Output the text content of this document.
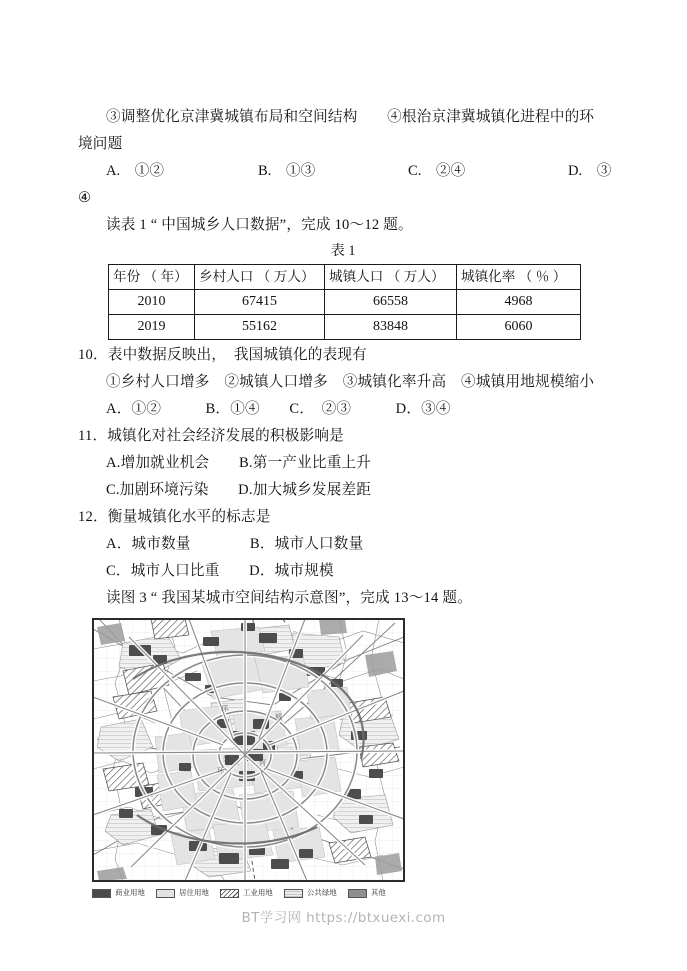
③调整优化京津冀城镇布局和空间结构　　④根治京津冀城镇化进程中的环
境问题
A.　①②	B.　①③	C.　②④	D.　③
④
读表 1 “ 中国城乡人口数据”，完成 10～12 题。
表 1
年份 （ 年）	乡村人口 （ 万人）	城镇人口 （ 万人）	城镇化率 （ ％ ）
2010	67415	66558	4968
2019	55162	83848	6060
10．表中数据反映出，  我国城镇化的表现有
①乡村人口增多　②城镇人口增多　③城镇化率升高　④城镇用地规模缩小
A．①②　　　B．①④　　C．　②③　　　D．③④
11．城镇化对社会经济发展的积极影响是
A.增加就业机会　　B.第一产业比重上升
C.加剧环境污染　　D.加大城乡发展差距
12．衡量城镇化水平的标志是
A．城市数量　　　　B．城市人口数量
C．城市人口比重　　D．城市规模
读图 3 “ 我国某城市空间结构示意图”，完成 13～14 题。
环
城
外
环
河
商业用地	居住用地	工业用地	公共绿地	其他
BT学习网 https://btxuexi.com
